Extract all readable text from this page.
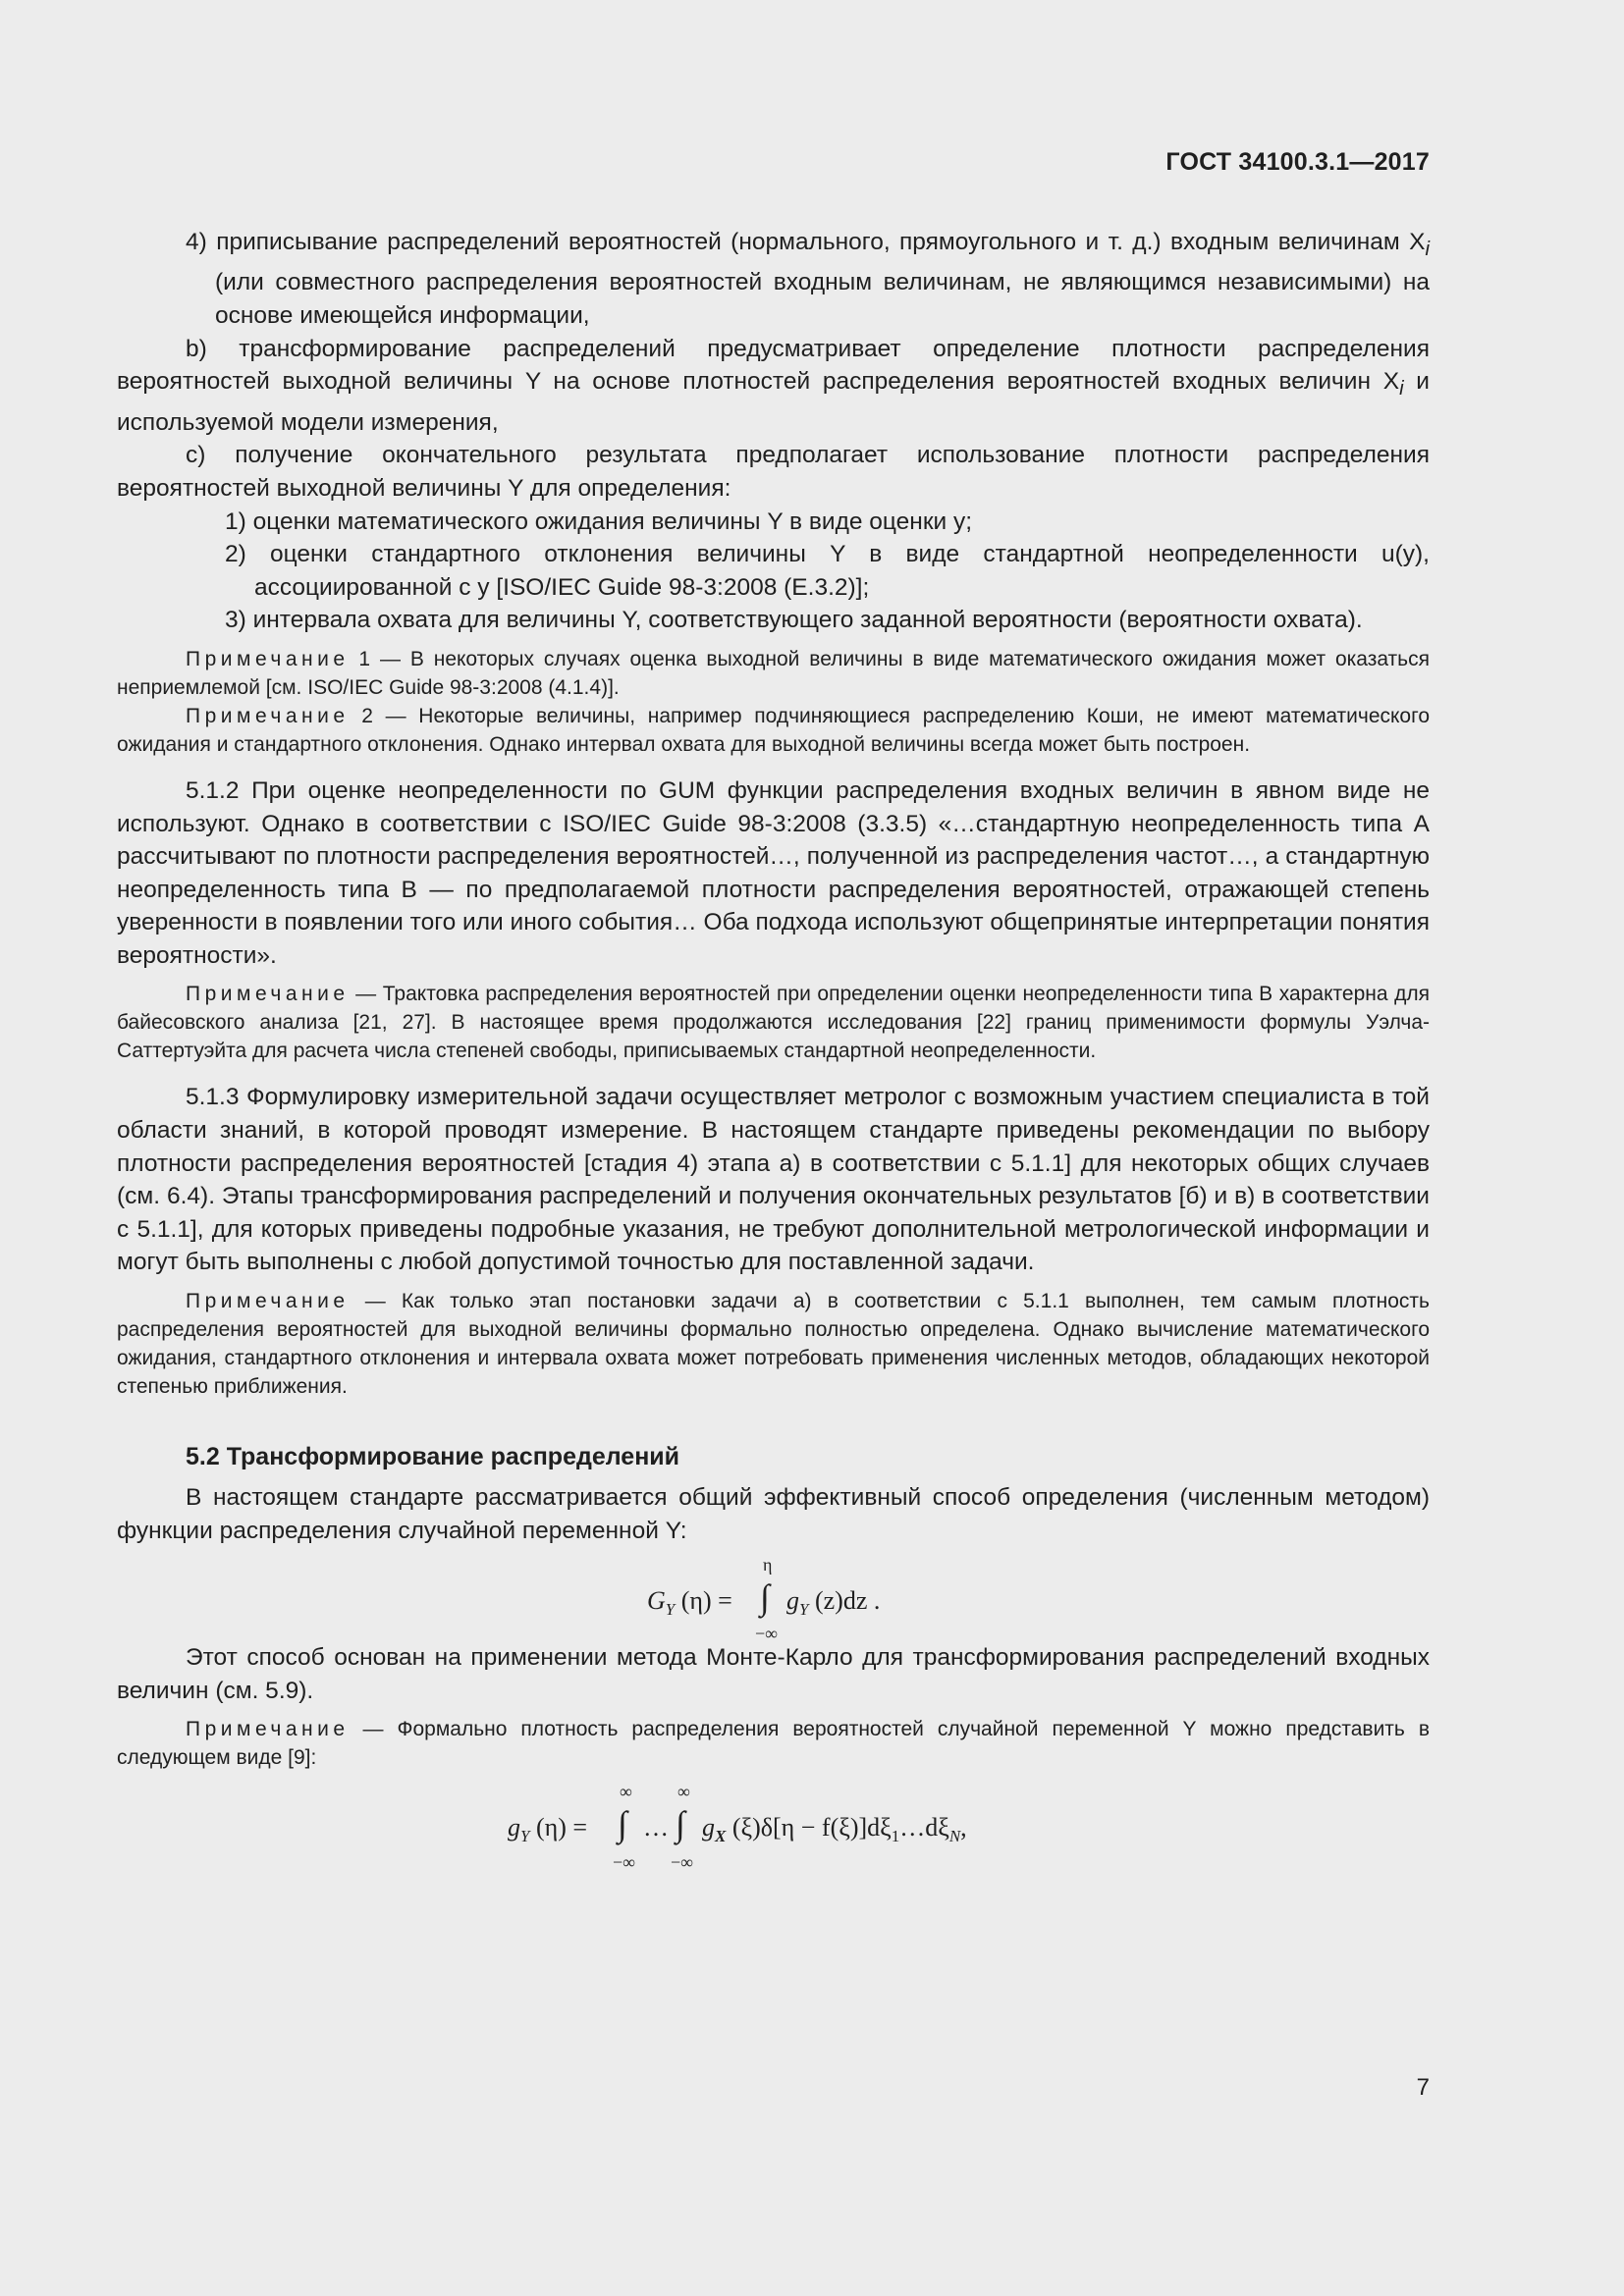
ГОСТ 34100.3.1—2017

4) приписывание распределений вероятностей (нормального, прямоугольного и т. д.) входным величинам $X_i$ (или совместного распределения вероятностей входным величинам, не являющимся независимыми) на основе имеющейся информации,

b) трансформирование распределений предусматривает определение плотности распределения вероятностей выходной величины Y на основе плотностей распределения вероятностей входных величин $X_i$ и используемой модели измерения,

c) получение окончательного результата предполагает использование плотности распределения вероятностей выходной величины Y для определения:

1) оценки математического ожидания величины Y в виде оценки y;

2) оценки стандартного отклонения величины Y в виде стандартной неопределенности u(y), ассоциированной с y [ISO/IEC Guide 98-3:2008 (E.3.2)];

3) интервала охвата для величины Y, соответствующего заданной вероятности (вероятности охвата).

Примечание 1 — В некоторых случаях оценка выходной величины в виде математического ожидания может оказаться неприемлемой [см. ISO/IEC Guide 98-3:2008 (4.1.4)].

Примечание 2 — Некоторые величины, например подчиняющиеся распределению Коши, не имеют математического ожидания и стандартного отклонения. Однако интервал охвата для выходной величины всегда может быть построен.

5.1.2 При оценке неопределенности по GUM функции распределения входных величин в явном виде не используют. Однако в соответствии с ISO/IEC Guide 98-3:2008 (3.3.5) «…стандартную неопределенность типа А рассчитывают по плотности распределения вероятностей…, полученной из распределения частот…, а стандартную неопределенность типа В — по предполагаемой плотности распределения вероятностей, отражающей степень уверенности в появлении того или иного события… Оба подхода используют общепринятые интерпретации понятия вероятности».

Примечание — Трактовка распределения вероятностей при определении оценки неопределенности типа В характерна для байесовского анализа [21, 27]. В настоящее время продолжаются исследования [22] границ применимости формулы Уэлча-Саттертуэйта для расчета числа степеней свободы, приписываемых стандартной неопределенности.

5.1.3 Формулировку измерительной задачи осуществляет метролог с возможным участием специалиста в той области знаний, в которой проводят измерение. В настоящем стандарте приведены рекомендации по выбору плотности распределения вероятностей [стадия 4) этапа а) в соответствии с 5.1.1] для некоторых общих случаев (см. 6.4). Этапы трансформирования распределений и получения окончательных результатов [б) и в) в соответствии с 5.1.1], для которых приведены подробные указания, не требуют дополнительной метрологической информации и могут быть выполнены с любой допустимой точностью для поставленной задачи.

Примечание — Как только этап постановки задачи а) в соответствии с 5.1.1 выполнен, тем самым плотность распределения вероятностей для выходной величины формально полностью определена. Однако вычисление математического ожидания, стандартного отклонения и интервала охвата может потребовать применения численных методов, обладающих некоторой степенью приближения.

5.2 Трансформирование распределений

В настоящем стандарте рассматривается общий эффективный способ определения (численным методом) функции распределения случайной переменной Y:

$G_Y$ (η) =
η
∫
−∞
$g_Y$ (z)dz .

Этот способ основан на применении метода Монте-Карло для трансформирования распределений входных величин (см. 5.9).

Примечание — Формально плотность распределения вероятностей случайной переменной Y можно представить в следующем виде [9]:

$g_Y$ (η) =
∞
∫
−∞
…
∞
∫
−∞
$g_X$ $(\xi)\delta[\eta - f(\xi)]d\xi_1\dots d\xi_N$,
7
